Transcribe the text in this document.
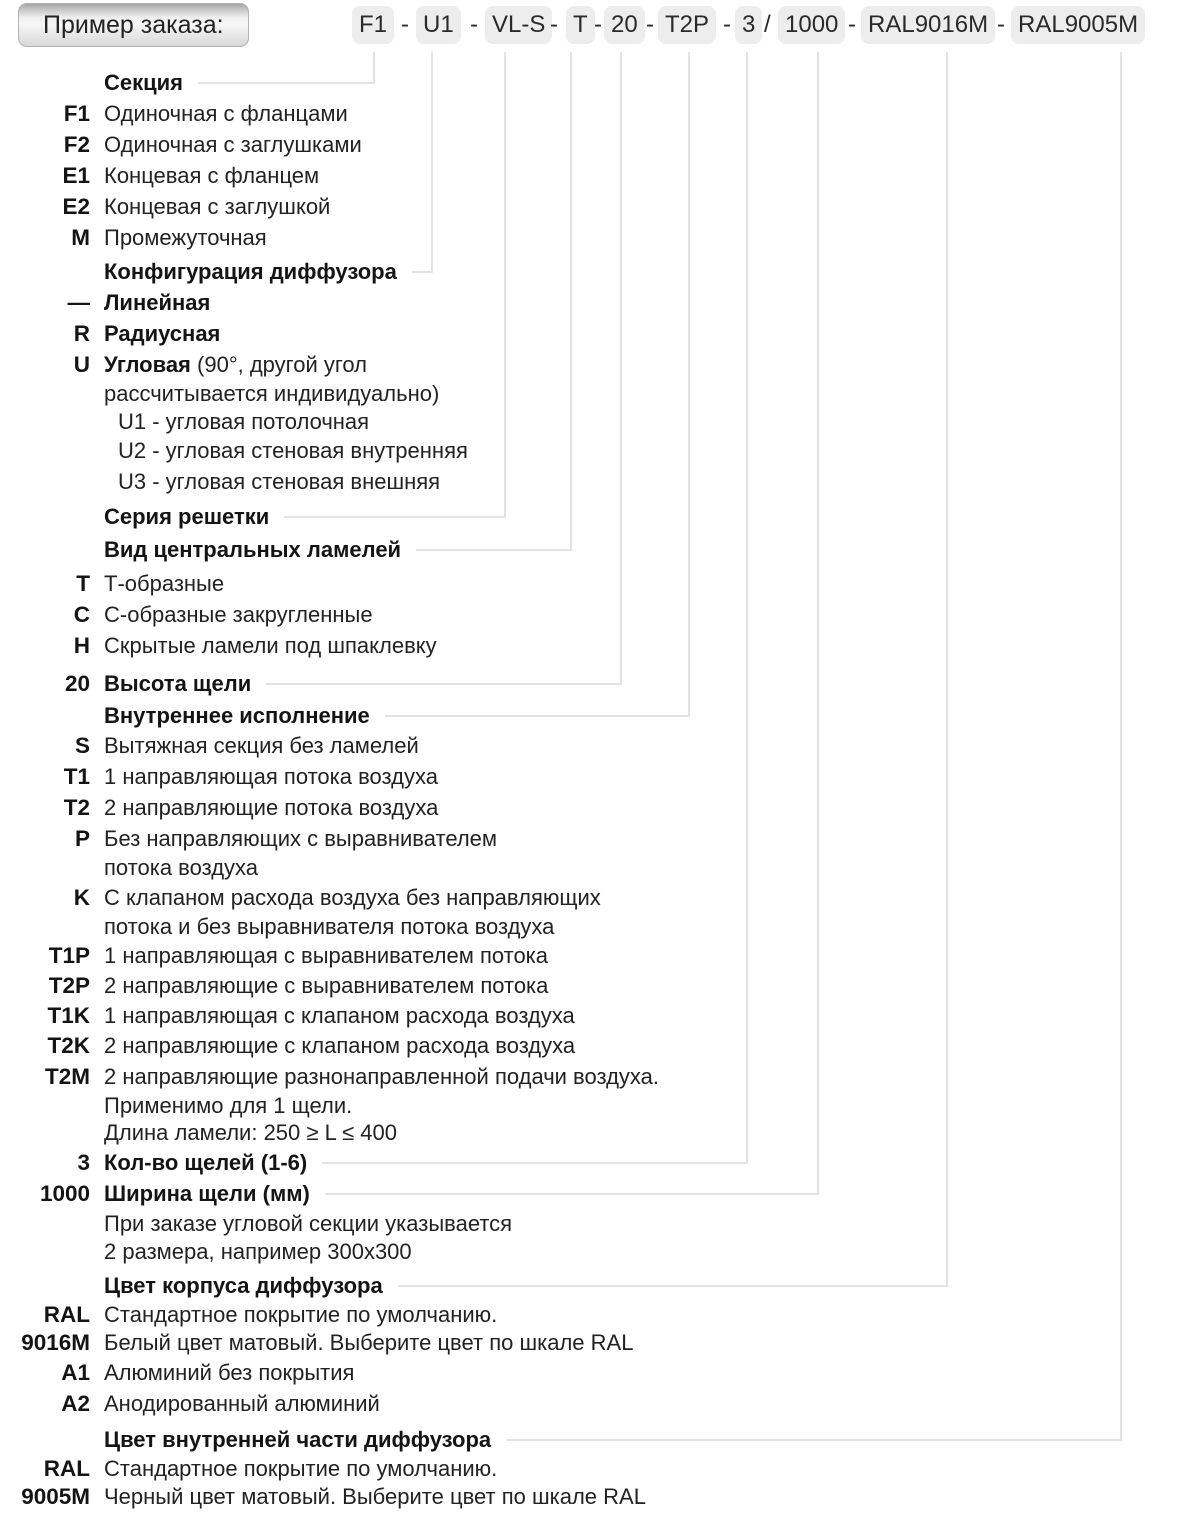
Пример заказа:	F1 - U1 - VL-S - T - 20 - T2P - 3 / 1000 - RAL9016M - RAL9005M
Секция
F1 Одиночная с фланцами
F2 Одиночная с заглушками
E1 Концевая с фланцем
E2 Концевая с заглушкой
M Промежуточная
Конфигурация диффузора
— Линейная
R Радиусная
U Угловая (90°, другой угол
рассчитывается индивидуально)
U1 - угловая потолочная
U2 - угловая стеновая внутренняя
U3 - угловая стеновая внешняя
Серия решетки
Вид центральных ламелей
T Т-образные
C С-образные закругленные
H Скрытые ламели под шпаклевку
20 Высота щели
Внутреннее исполнение
S Вытяжная секция без ламелей
T1 1 направляющая потока воздуха
T2 2 направляющие потока воздуха
P Без направляющих с выравнивателем
потока воздуха
K С клапаном расхода воздуха без направляющих
потока и без выравнивателя потока воздуха
T1P 1 направляющая с выравнивателем потока
T2P 2 направляющие с выравнивателем потока
T1K 1 направляющая с клапаном расхода воздуха
T2K 2 направляющие с клапаном расхода воздуха
T2M 2 направляющие разнонаправленной подачи воздуха.
Применимо для 1 щели.
Длина ламели: 250 ≥ L ≤ 400
3 Кол-во щелей (1-6)
1000 Ширина щели (мм)
При заказе угловой секции указывается
2 размера, например 300x300
Цвет корпуса диффузора
RAL Стандартное покрытие по умолчанию.
9016M Белый цвет матовый. Выберите цвет по шкале RAL
A1 Алюминий без покрытия
A2 Анодированный алюминий
Цвет внутренней части диффузора
RAL Стандартное покрытие по умолчанию.
9005M Черный цвет матовый. Выберите цвет по шкале RAL
